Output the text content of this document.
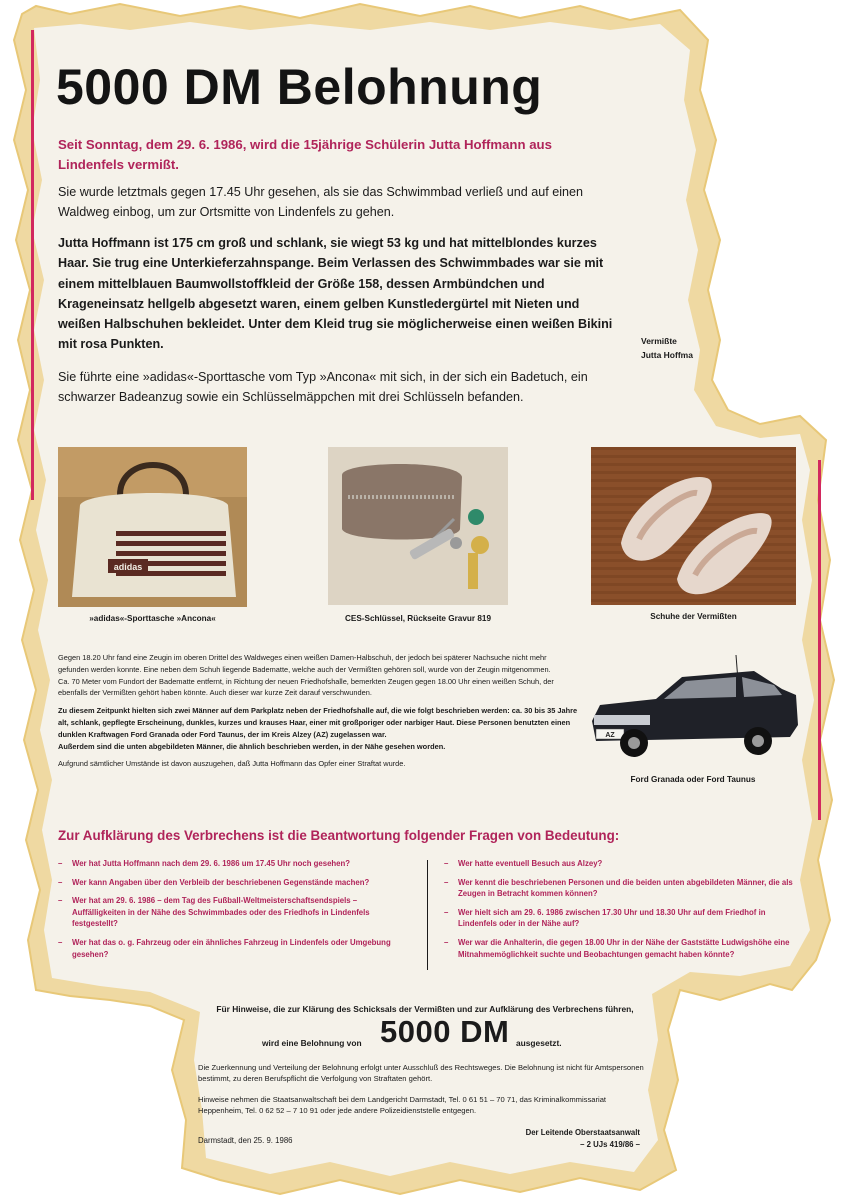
5000 DM Belohnung
Seit Sonntag, dem 29. 6. 1986, wird die 15jährige Schülerin Jutta Hoffmann aus Lindenfels vermißt.
Sie wurde letztmals gegen 17.45 Uhr gesehen, als sie das Schwimmbad verließ und auf einen Waldweg einbog, um zur Ortsmitte von Lindenfels zu gehen.
Jutta Hoffmann ist 175 cm groß und schlank, sie wiegt 53 kg und hat mittelblondes kurzes Haar. Sie trug eine Unterkieferzahnspange. Beim Verlassen des Schwimmbades war sie mit einem mittelblauen Baumwollstoffkleid der Größe 158, dessen Armbündchen und Krageneinsatz hellgelb abgesetzt waren, einem gelben Kunstledergürtel mit Nieten und weißen Halbschuhen bekleidet. Unter dem Kleid trug sie möglicherweise einen weißen Bikini mit rosa Punkten.
Sie führte eine »adidas«-Sporttasche vom Typ »Ancona« mit sich, in der sich ein Badetuch, ein schwarzer Badeanzug sowie ein Schlüsselmäppchen mit drei Schlüsseln befanden.
Vermißte
Jutta Hoffma
adidas
»adidas«-Sporttasche »Ancona«	CES-Schlüssel, Rückseite Gravur 819	Schuhe der Vermißten
AZ
Ford Granada oder Ford Taunus

Gegen 18.20 Uhr fand eine Zeugin im oberen Drittel des Waldweges einen weißen Damen-Halbschuh, der jedoch bei späterer Nachsuche nicht mehr gefunden werden konnte. Eine neben dem Schuh liegende Badematte, welche auch der Vermißten gehören soll, wurde von der Zeugin mitgenommen.

Ca. 70 Meter vom Fundort der Badematte entfernt, in Richtung der neuen Friedhofshalle, bemerkten Zeugen gegen 18.00 Uhr einen weißen Schuh, der ebenfalls der Vermißten gehört haben könnte. Auch dieser war kurze Zeit darauf verschwunden.

Zu diesem Zeitpunkt hielten sich zwei Männer auf dem Parkplatz neben der Friedhofshalle auf, die wie folgt beschrieben werden: ca. 30 bis 35 Jahre alt, schlank, gepflegte Erscheinung, dunkles, kurzes und krauses Haar, einer mit großporiger oder narbiger Haut. Diese Personen benutzten einen dunklen Kraftwagen Ford Granada oder Ford Taunus, der im Kreis Alzey (AZ) zugelassen war.

Außerdem sind die unten abgebildeten Männer, die ähnlich beschrieben werden, in der Nähe gesehen worden.

Aufgrund sämtlicher Umstände ist davon auszugehen, daß Jutta Hoffmann das Opfer einer Straftat wurde.

Zur Aufklärung des Verbrechens ist die Beantwortung folgender Fragen von Bedeutung:
– Wer hat Jutta Hoffmann nach dem 29. 6. 1986 um 17.45 Uhr noch gesehen?
– Wer kann Angaben über den Verbleib der beschriebenen Gegenstände machen?
– Wer hat am 29. 6. 1986 – dem Tag des Fußball-Weltmeisterschaftsendspiels – Auffälligkeiten in der Nähe des Schwimmbades oder des Friedhofs in Lindenfels festgestellt?
– Wer hat das o. g. Fahrzeug oder ein ähnliches Fahrzeug in Lindenfels oder Umgebung gesehen?
– Wer hatte eventuell Besuch aus Alzey?
– Wer kennt die beschriebenen Personen und die beiden unten abgebildeten Männer, die als Zeugen in Betracht kommen können?
– Wer hielt sich am 29. 6. 1986 zwischen 17.30 Uhr und 18.30 Uhr auf dem Friedhof in Lindenfels oder in der Nähe auf?
– Wer war die Anhalterin, die gegen 18.00 Uhr in der Nähe der Gaststätte Ludwigshöhe eine Mitnahmemöglichkeit suchte und Beobachtungen gemacht haben könnte?
Für Hinweise, die zur Klärung des Schicksals der Vermißten und zur Aufklärung des Verbrechens führen,
wird eine Belohnung von 5000 DM ausgesetzt.
Die Zuerkennung und Verteilung der Belohnung erfolgt unter Ausschluß des Rechtsweges. Die Belohnung ist nicht für Amtspersonen bestimmt, zu deren Berufspflicht die Verfolgung von Straftaten gehört.
Hinweise nehmen die Staatsanwaltschaft bei dem Landgericht Darmstadt, Tel. 0 61 51 – 70 71, das Kriminalkommissariat Heppenheim, Tel. 0 62 52 – 7 10 91 oder jede andere Polizeidienststelle entgegen.
Darmstadt, den 25. 9. 1986
Der Leitende Oberstaatsanwalt
– 2 UJs 419/86 –
